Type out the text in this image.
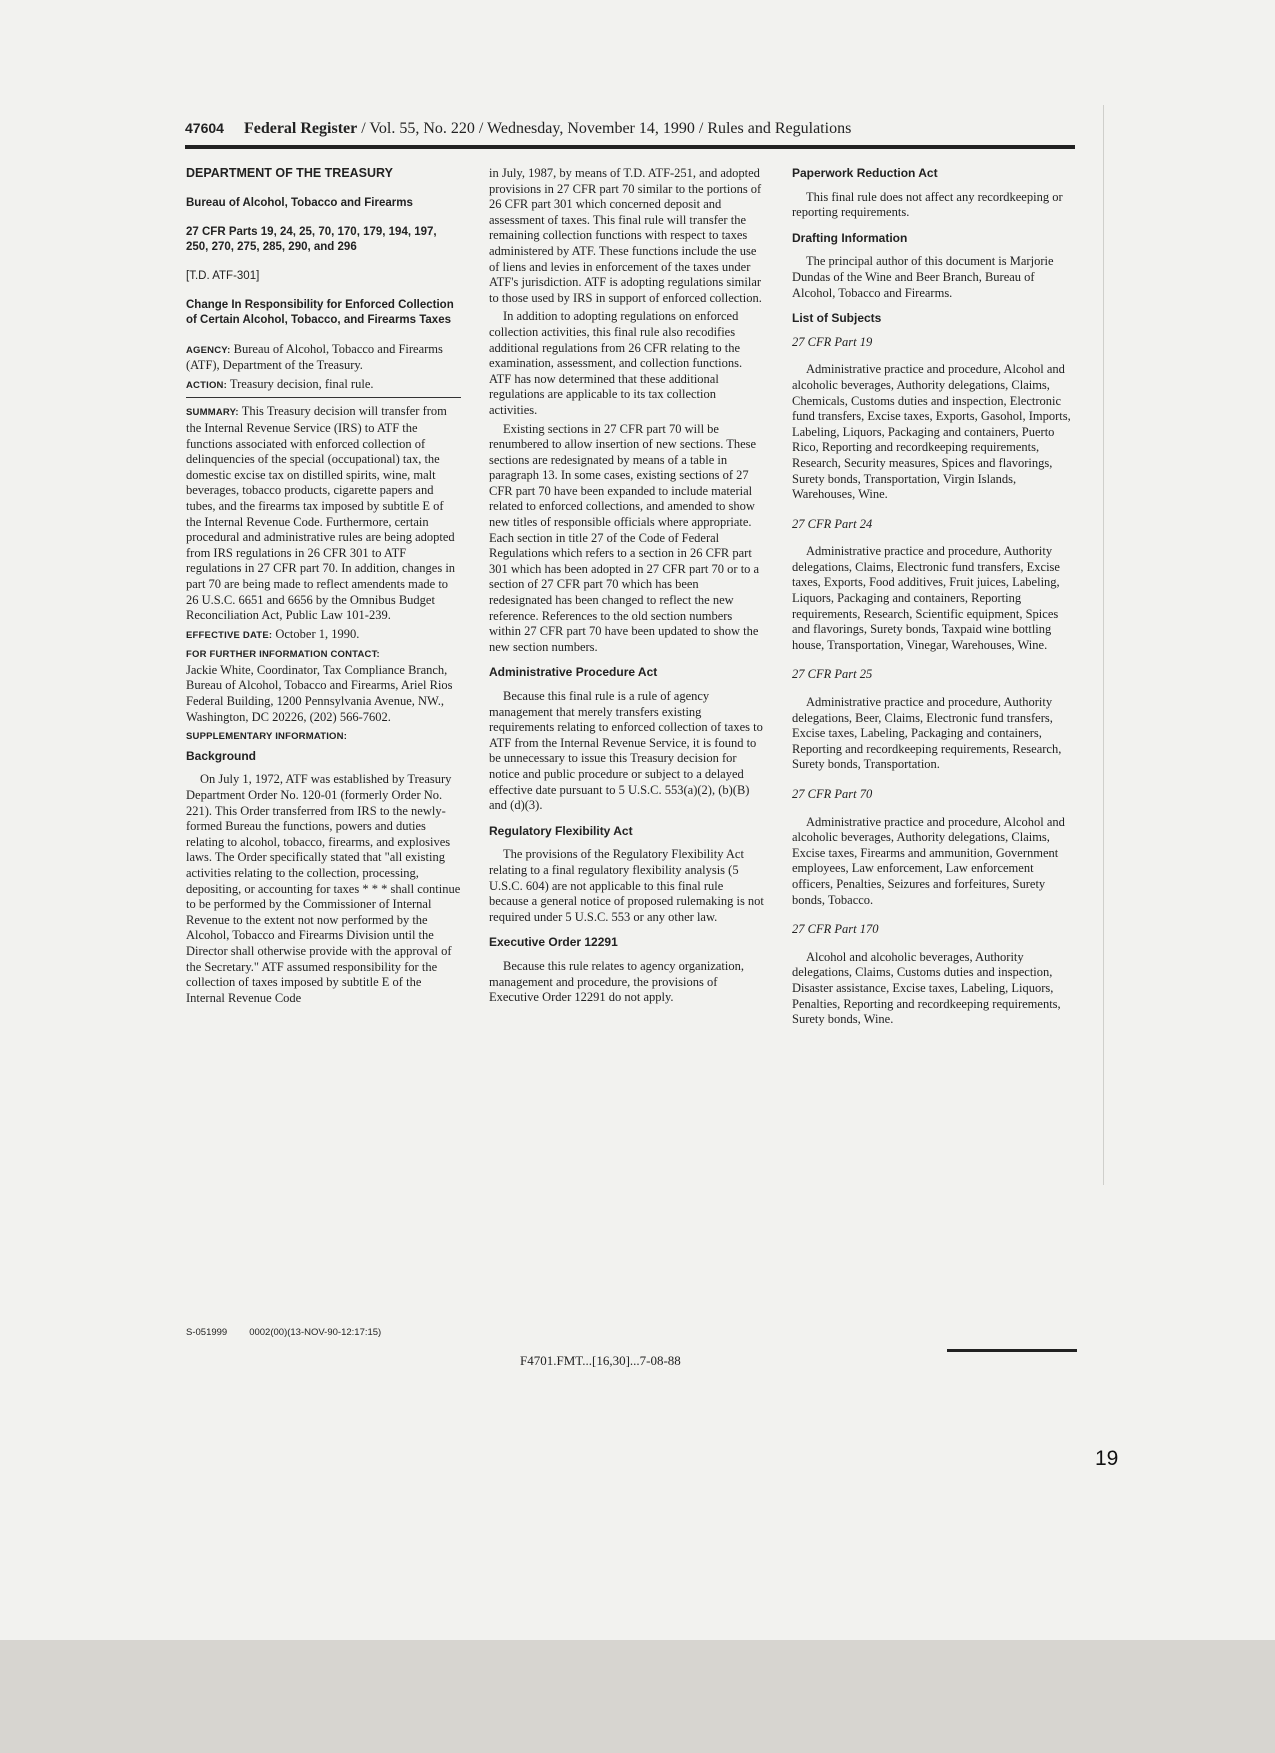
47604 Federal Register / Vol. 55, No. 220 / Wednesday, November 14, 1990 / Rules and Regulations
DEPARTMENT OF THE TREASURY
Bureau of Alcohol, Tobacco and Firearms
27 CFR Parts 19, 24, 25, 70, 170, 179, 194, 197, 250, 270, 275, 285, 290, and 296
[T.D. ATF-301]
Change In Responsibility for Enforced Collection of Certain Alcohol, Tobacco, and Firearms Taxes

AGENCY: Bureau of Alcohol, Tobacco and Firearms (ATF), Department of the Treasury.

ACTION: Treasury decision, final rule.

SUMMARY: This Treasury decision will transfer from the Internal Revenue Service (IRS) to ATF the functions associated with enforced collection of delinquencies of the special (occupational) tax, the domestic excise tax on distilled spirits, wine, malt beverages, tobacco products, cigarette papers and tubes, and the firearms tax imposed by subtitle E of the Internal Revenue Code. Furthermore, certain procedural and administrative rules are being adopted from IRS regulations in 26 CFR 301 to ATF regulations in 27 CFR part 70. In addition, changes in part 70 are being made to reflect amendents made to 26 U.S.C. 6651 and 6656 by the Omnibus Budget Reconciliation Act, Public Law 101-239.

EFFECTIVE DATE: October 1, 1990.

FOR FURTHER INFORMATION CONTACT:
Jackie White, Coordinator, Tax Compliance Branch, Bureau of Alcohol, Tobacco and Firearms, Ariel Rios Federal Building, 1200 Pennsylvania Avenue, NW., Washington, DC 20226, (202) 566-7602.

SUPPLEMENTARY INFORMATION:

Background

On July 1, 1972, ATF was established by Treasury Department Order No. 120-01 (formerly Order No. 221). This Order transferred from IRS to the newly-formed Bureau the functions, powers and duties relating to alcohol, tobacco, firearms, and explosives laws. The Order specifically stated that "all existing activities relating to the collection, processing, depositing, or accounting for taxes * * * shall continue to be performed by the Commissioner of Internal Revenue to the extent not now performed by the Alcohol, Tobacco and Firearms Division until the Director shall otherwise provide with the approval of the Secretary." ATF assumed responsibility for the collection of taxes imposed by subtitle E of the Internal Revenue Code

in July, 1987, by means of T.D. ATF-251, and adopted provisions in 27 CFR part 70 similar to the portions of 26 CFR part 301 which concerned deposit and assessment of taxes. This final rule will transfer the remaining collection functions with respect to taxes administered by ATF. These functions include the use of liens and levies in enforcement of the taxes under ATF's jurisdiction. ATF is adopting regulations similar to those used by IRS in support of enforced collection.

In addition to adopting regulations on enforced collection activities, this final rule also recodifies additional regulations from 26 CFR relating to the examination, assessment, and collection functions. ATF has now determined that these additional regulations are applicable to its tax collection activities.

Existing sections in 27 CFR part 70 will be renumbered to allow insertion of new sections. These sections are redesignated by means of a table in paragraph 13. In some cases, existing sections of 27 CFR part 70 have been expanded to include material related to enforced collections, and amended to show new titles of responsible officials where appropriate. Each section in title 27 of the Code of Federal Regulations which refers to a section in 26 CFR part 301 which has been adopted in 27 CFR part 70 or to a section of 27 CFR part 70 which has been redesignated has been changed to reflect the new reference. References to the old section numbers within 27 CFR part 70 have been updated to show the new section numbers.

Administrative Procedure Act

Because this final rule is a rule of agency management that merely transfers existing requirements relating to enforced collection of taxes to ATF from the Internal Revenue Service, it is found to be unnecessary to issue this Treasury decision for notice and public procedure or subject to a delayed effective date pursuant to 5 U.S.C. 553(a)(2), (b)(B) and (d)(3).

Regulatory Flexibility Act

The provisions of the Regulatory Flexibility Act relating to a final regulatory flexibility analysis (5 U.S.C. 604) are not applicable to this final rule because a general notice of proposed rulemaking is not required under 5 U.S.C. 553 or any other law.

Executive Order 12291

Because this rule relates to agency organization, management and procedure, the provisions of Executive Order 12291 do not apply.

Paperwork Reduction Act

This final rule does not affect any recordkeeping or reporting requirements.

Drafting Information

The principal author of this document is Marjorie Dundas of the Wine and Beer Branch, Bureau of Alcohol, Tobacco and Firearms.

List of Subjects
27 CFR Part 19

Administrative practice and procedure, Alcohol and alcoholic beverages, Authority delegations, Claims, Chemicals, Customs duties and inspection, Electronic fund transfers, Excise taxes, Exports, Gasohol, Imports, Labeling, Liquors, Packaging and containers, Puerto Rico, Reporting and recordkeeping requirements, Research, Security measures, Spices and flavorings, Surety bonds, Transportation, Virgin Islands, Warehouses, Wine.

27 CFR Part 24

Administrative practice and procedure, Authority delegations, Claims, Electronic fund transfers, Excise taxes, Exports, Food additives, Fruit juices, Labeling, Liquors, Packaging and containers, Reporting requirements, Research, Scientific equipment, Spices and flavorings, Surety bonds, Taxpaid wine bottling house, Transportation, Vinegar, Warehouses, Wine.

27 CFR Part 25

Administrative practice and procedure, Authority delegations, Beer, Claims, Electronic fund transfers, Excise taxes, Labeling, Packaging and containers, Reporting and recordkeeping requirements, Research, Surety bonds, Transportation.

27 CFR Part 70

Administrative practice and procedure, Alcohol and alcoholic beverages, Authority delegations, Claims, Excise taxes, Firearms and ammunition, Government employees, Law enforcement, Law enforcement officers, Penalties, Seizures and forfeitures, Surety bonds, Tobacco.

27 CFR Part 170

Alcohol and alcoholic beverages, Authority delegations, Claims, Customs duties and inspection, Disaster assistance, Excise taxes, Labeling, Liquors, Penalties, Reporting and recordkeeping requirements, Surety bonds, Wine.

S-051999 0002(00)(13-NOV-90-12:17:15)
F4701.FMT...[16,30]...7-08-88
19
